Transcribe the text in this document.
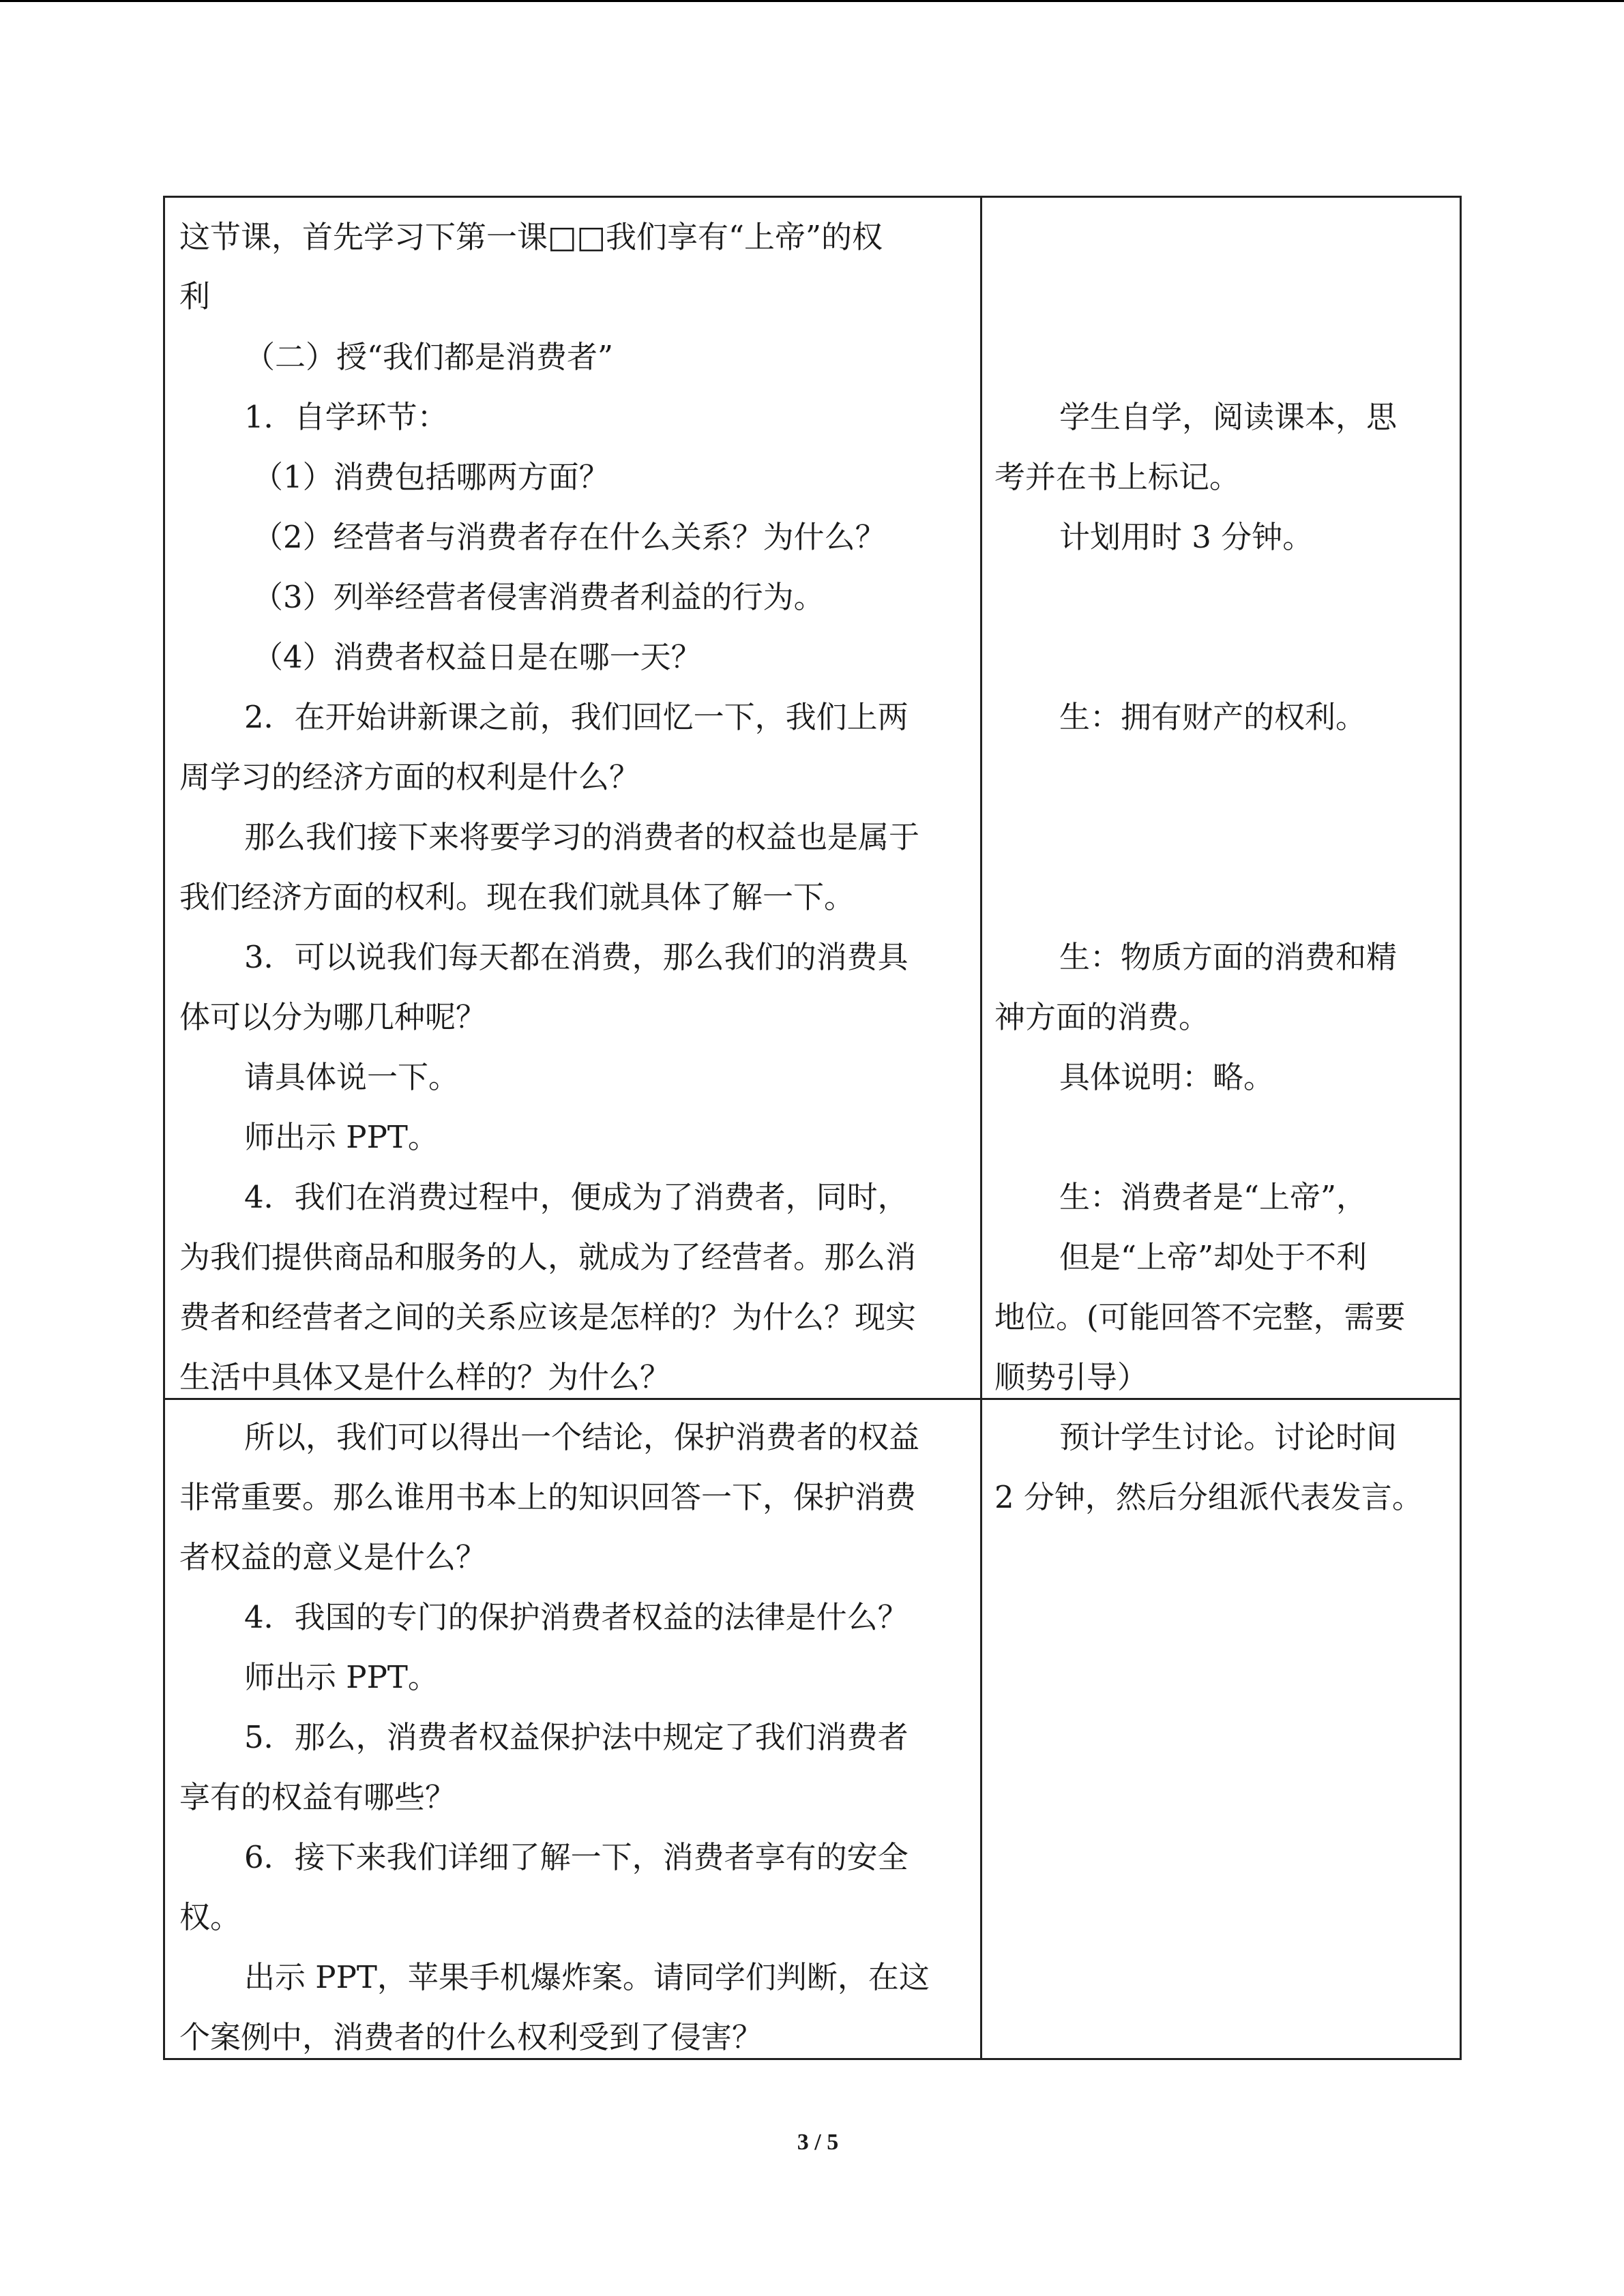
这节课，首先学习下第一课□□我们享有“上帝”的权
利
（二）授“我们都是消费者”
1．自学环节：
（1）消费包括哪两方面？
（2）经营者与消费者存在什么关系？为什么？
（3）列举经营者侵害消费者利益的行为。
（4）消费者权益日是在哪一天？
2．在开始讲新课之前，我们回忆一下，我们上两
周学习的经济方面的权利是什么？
那么我们接下来将要学习的消费者的权益也是属于
我们经济方面的权利。现在我们就具体了解一下。
3．可以说我们每天都在消费，那么我们的消费具
体可以分为哪几种呢？
请具体说一下。
师出示 PPT。
4．我们在消费过程中，便成为了消费者，同时，
为我们提供商品和服务的人，就成为了经营者。那么消
费者和经营者之间的关系应该是怎样的？为什么？现实
生活中具体又是什么样的？为什么？
学生自学，阅读课本，思
考并在书上标记。
计划用时 3 分钟。
生：拥有财产的权利。
生：物质方面的消费和精
神方面的消费。
具体说明：略。
生：消费者是“上帝”，
但是“上帝”却处于不利
地位。(可能回答不完整，需要
顺势引导）
所以，我们可以得出一个结论，保护消费者的权益
非常重要。那么谁用书本上的知识回答一下，保护消费
者权益的意义是什么？
4．我国的专门的保护消费者权益的法律是什么？
师出示 PPT。
5．那么，消费者权益保护法中规定了我们消费者
享有的权益有哪些？
6．接下来我们详细了解一下，消费者享有的安全
权。
出示 PPT，苹果手机爆炸案。请同学们判断，在这
个案例中，消费者的什么权利受到了侵害？
预计学生讨论。讨论时间
2 分钟，然后分组派代表发言。
3 / 5
